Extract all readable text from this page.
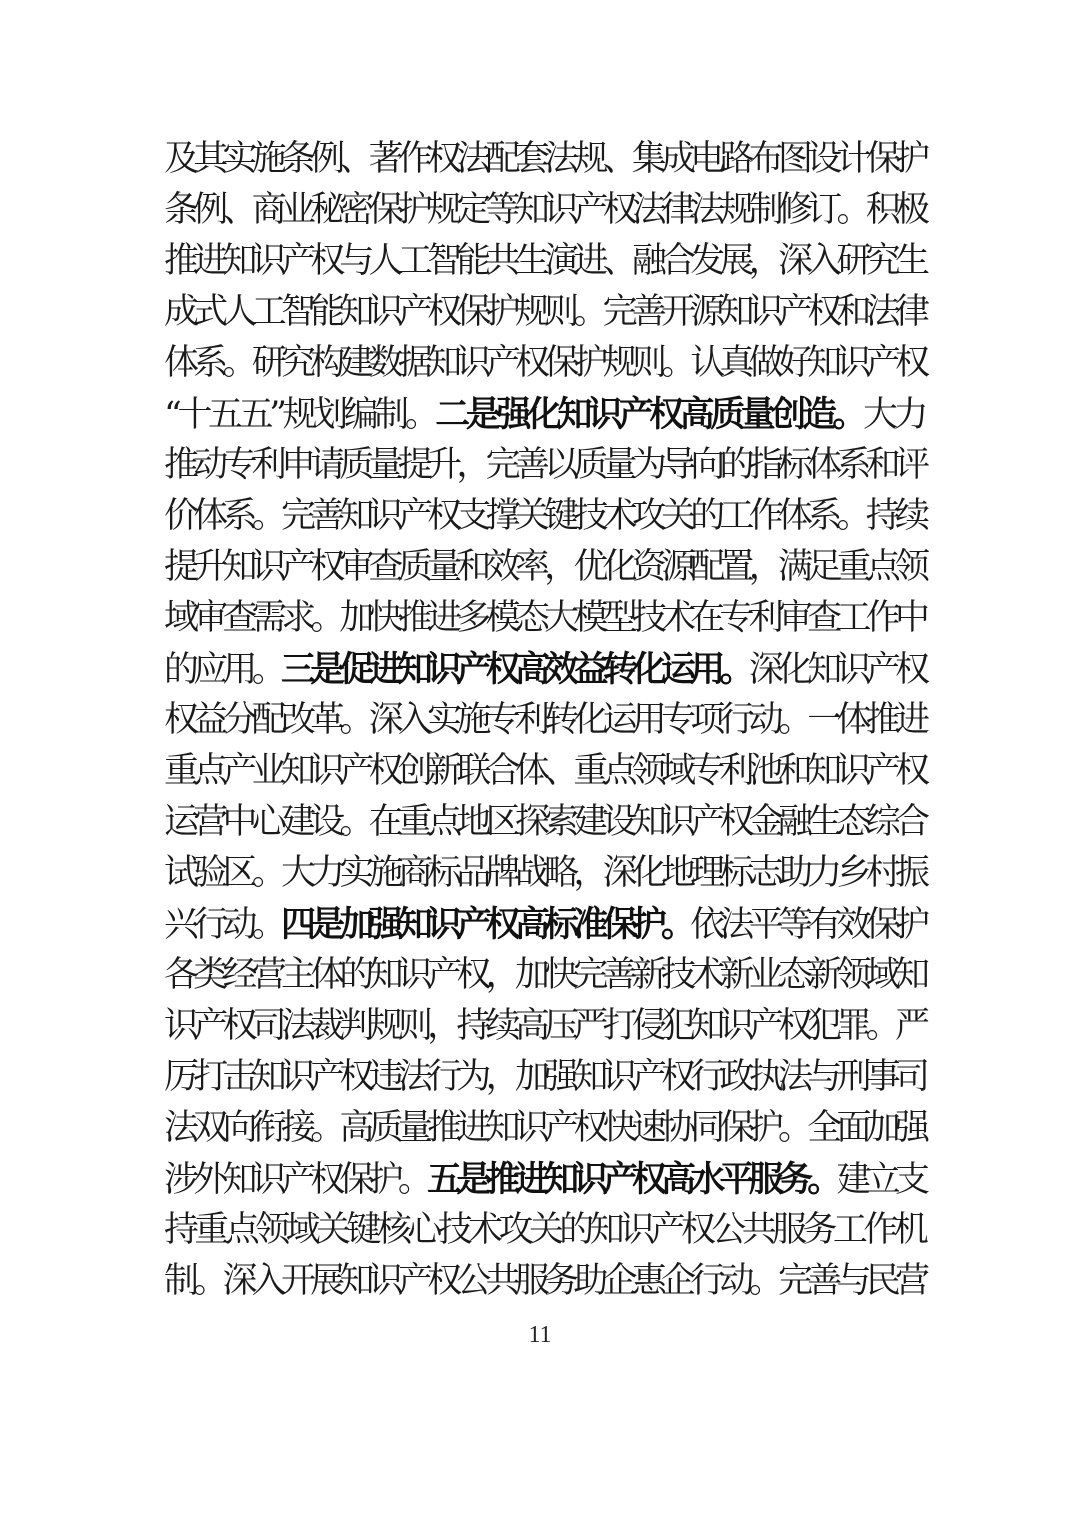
及其实施条例、著作权法配套法规、集成电路布图设计保护
条例、商业秘密保护规定等知识产权法律法规制修订。积极
推进知识产权与人工智能共生演进、融合发展，深入研究生
成式人工智能知识产权保护规则。完善开源知识产权和法律
体系。研究构建数据知识产权保护规则。认真做好知识产权
“十五五”规划编制。二是强化知识产权高质量创造。大力
推动专利申请质量提升，完善以质量为导向的指标体系和评
价体系。完善知识产权支撑关键技术攻关的工作体系。持续
提升知识产权审查质量和效率，优化资源配置，满足重点领
域审查需求。加快推进多模态大模型技术在专利审查工作中
的应用。三是促进知识产权高效益转化运用。深化知识产权
权益分配改革。深入实施专利转化运用专项行动。一体推进
重点产业知识产权创新联合体、重点领域专利池和知识产权
运营中心建设。在重点地区探索建设知识产权金融生态综合
试验区。大力实施商标品牌战略，深化地理标志助力乡村振
兴行动。四是加强知识产权高标准保护。依法平等有效保护
各类经营主体的知识产权，加快完善新技术新业态新领域知
识产权司法裁判规则，持续高压严打侵犯知识产权犯罪。严
厉打击知识产权违法行为，加强知识产权行政执法与刑事司
法双向衔接。高质量推进知识产权快速协同保护。全面加强
涉外知识产权保护。五是推进知识产权高水平服务。建立支
持重点领域关键核心技术攻关的知识产权公共服务工作机
制。深入开展知识产权公共服务助企惠企行动。完善与民营
11
